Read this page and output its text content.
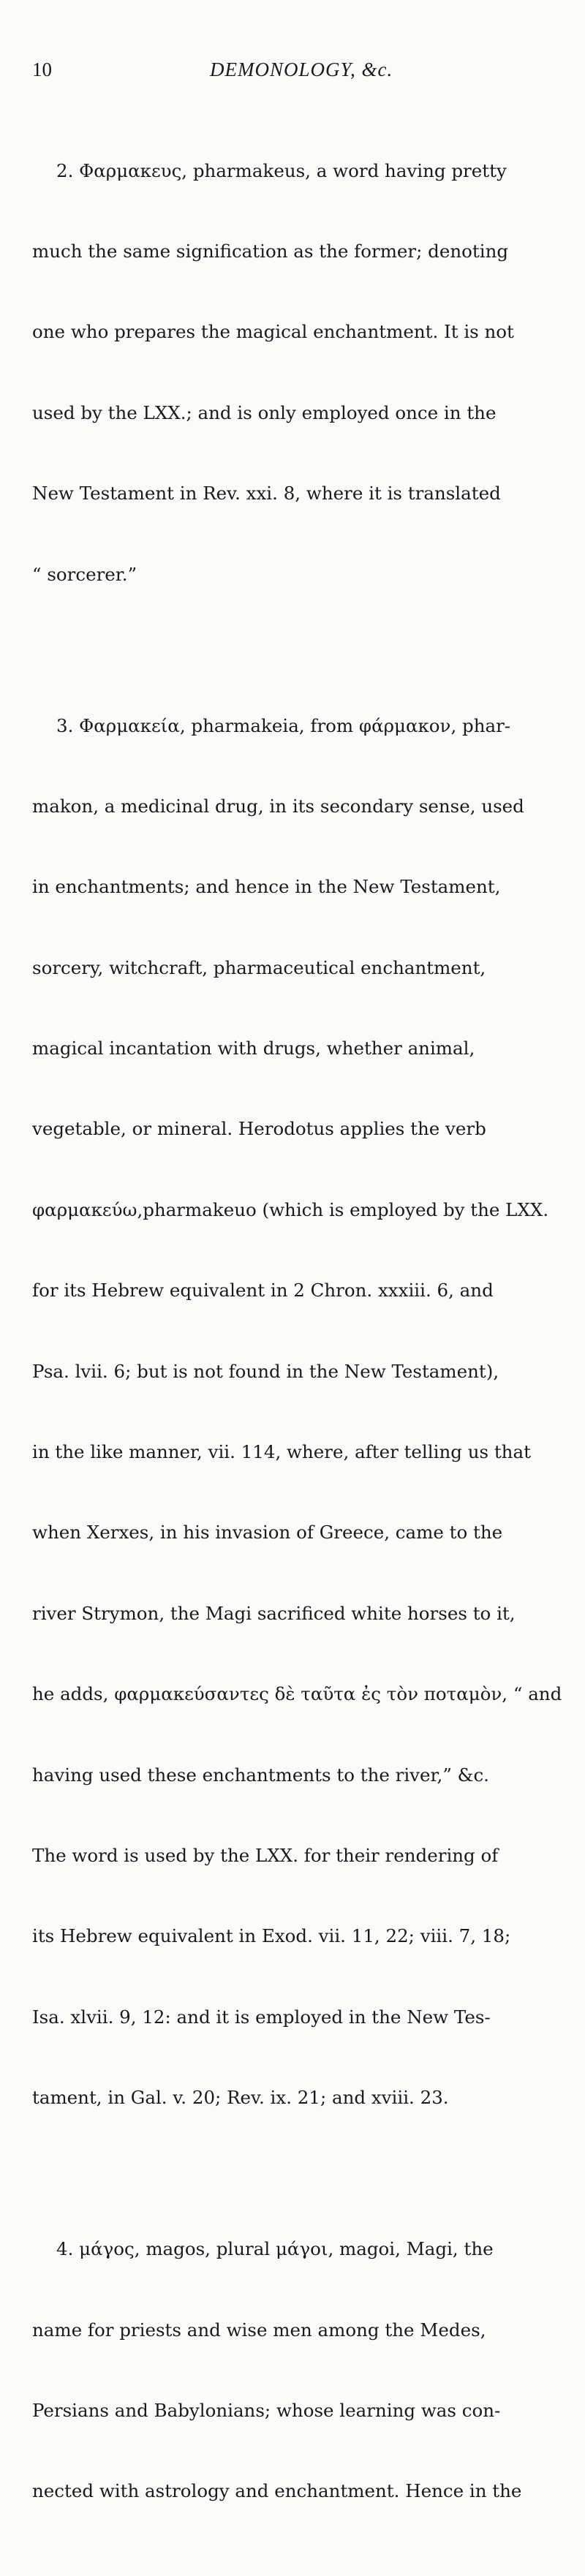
10	DEMONOLOGY, &c.

2. Φαρμακευς, pharmakeus, a word having pretty

much the same signification as the former; denoting

one who prepares the magical enchantment. It is not

used by the LXX.; and is only employed once in the

New Testament in Rev. xxi. 8, where it is translated

“ sorcerer.”

3. Φαρμακεία, pharmakeia, from φάρμακον, phar-

makon, a medicinal drug, in its secondary sense, used

in enchantments; and hence in the New Testament,

sorcery, witchcraft, pharmaceutical enchantment,

magical incantation with drugs, whether animal,

vegetable, or mineral. Herodotus applies the verb

φαρμακεύω,pharmakeuo (which is employed by the LXX.

for its Hebrew equivalent in 2 Chron. xxxiii. 6, and

Psa. lvii. 6; but is not found in the New Testament),

in the like manner, vii. 114, where, after telling us that

when Xerxes, in his invasion of Greece, came to the

river Strymon, the Magi sacrificed white horses to it,

he adds, φαρμακεύσαντες δὲ ταῦτα ἐς τὸν ποταμὸν, “ and

having used these enchantments to the river,” &c.

The word is used by the LXX. for their rendering of

its Hebrew equivalent in Exod. vii. 11, 22; viii. 7, 18;

Isa. xlvii. 9, 12: and it is employed in the New Tes-

tament, in Gal. v. 20; Rev. ix. 21; and xviii. 23.

4. μάγος, magos, plural μάγοι, magoi, Magi, the

name for priests and wise men among the Medes,

Persians and Babylonians; whose learning was con-

nected with astrology and enchantment. Hence in the
